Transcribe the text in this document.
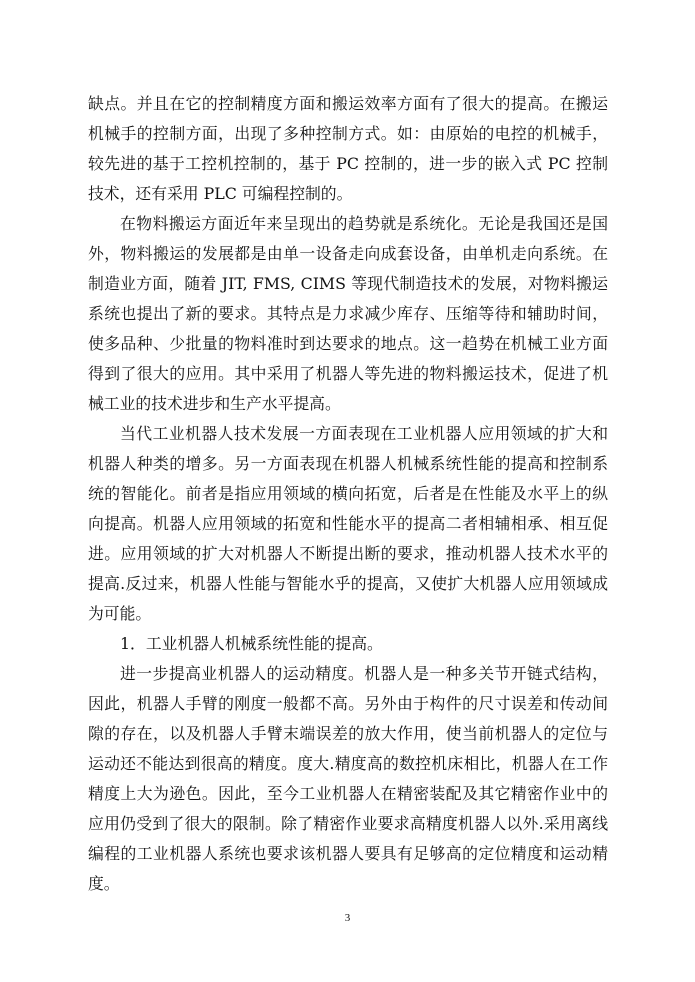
缺点。并且在它的控制精度方面和搬运效率方面有了很大的提高。在搬运机械手的控制方面，出现了多种控制方式。如：由原始的电控的机械手，较先进的基于工控机控制的，基于 PC 控制的，进一步的嵌入式 PC 控制技术，还有采用 PLC 可编程控制的。

在物料搬运方面近年来呈现出的趋势就是系统化。无论是我国还是国外，物料搬运的发展都是由单一设备走向成套设备，由单机走向系统。在制造业方面，随着 JIT, FMS, CIMS 等现代制造技术的发展，对物料搬运系统也提出了新的要求。其特点是力求减少库存、压缩等待和辅助时间，使多品种、少批量的物料准时到达要求的地点。这一趋势在机械工业方面得到了很大的应用。其中采用了机器人等先进的物料搬运技术，促进了机械工业的技术进步和生产水平提高。

当代工业机器人技术发展一方面表现在工业机器人应用领域的扩大和机器人种类的增多。另一方面表现在机器人机械系统性能的提高和控制系统的智能化。前者是指应用领域的横向拓宽，后者是在性能及水平上的纵向提高。机器人应用领域的拓宽和性能水平的提高二者相辅相承、相互促进。应用领域的扩大对机器人不断提出断的要求，推动机器人技术水平的提高.反过来，机器人性能与智能水乎的提高，又使扩大机器人应用领域成为可能。

1．工业机器人机械系统性能的提高。

进一步提高业机器人的运动精度。机器人是一种多关节开链式结构，因此，机器人手臂的刚度一般都不高。另外由于构件的尺寸误差和传动间隙的存在，以及机器人手臂末端误差的放大作用，使当前机器人的定位与运动还不能达到很高的精度。度大.精度高的数控机床相比，机器人在工作精度上大为逊色。因此，至今工业机器人在精密装配及其它精密作业中的应用仍受到了很大的限制。除了精密作业要求高精度机器人以外.采用离线编程的工业机器人系统也要求该机器人要具有足够高的定位精度和运动精度。

3
